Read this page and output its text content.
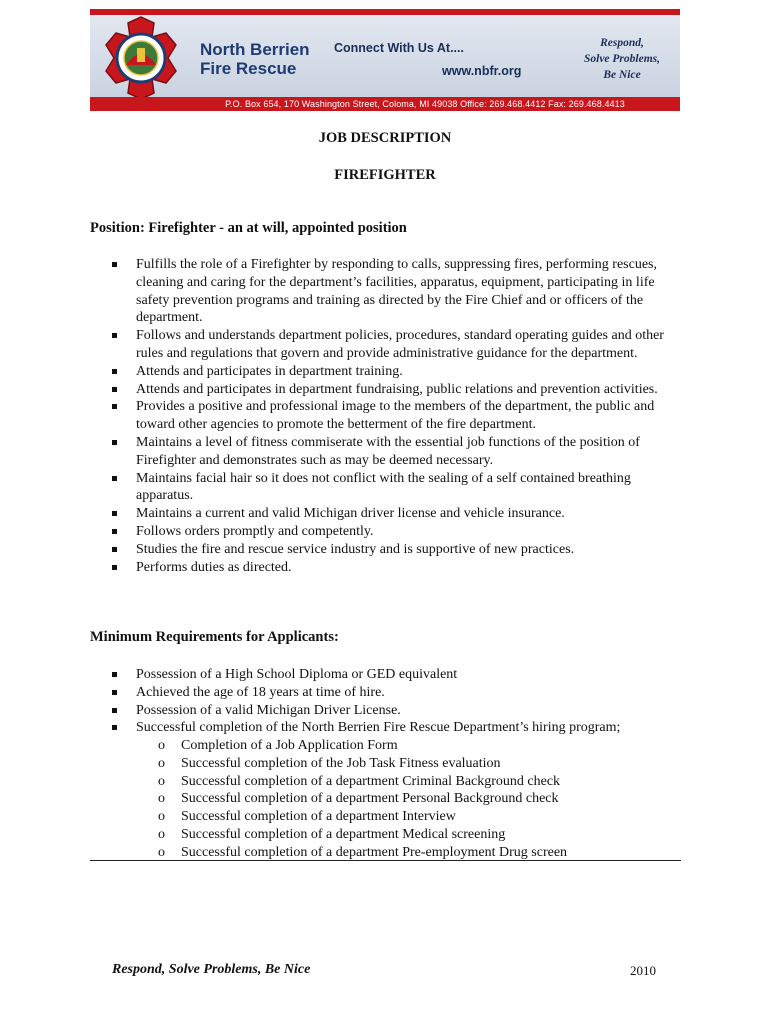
North Berrien
Fire Rescue
Connect With Us At....
www.nbfr.org
Respond,
Solve Problems,
Be Nice
P.O. Box 654, 170 Washington Street, Coloma, MI 49038 Office: 269.468.4412 Fax: 269.468.4413
JOB DESCRIPTION
FIREFIGHTER
Position: Firefighter - an at will, appointed position
Fulfills the role of a Firefighter by responding to calls, suppressing fires, performing rescues, cleaning and caring for the department’s facilities, apparatus, equipment, participating in life safety prevention programs and training as directed by the Fire Chief and or officers of the department.
Follows and understands department policies, procedures, standard operating guides and other rules and regulations that govern and provide administrative guidance for the department.
Attends and participates in department training.
Attends and participates in department fundraising, public relations and prevention activities.
Provides a positive and professional image to the members of the department, the public and toward other agencies to promote the betterment of the fire department.
Maintains a level of fitness commiserate with the essential job functions of the position of Firefighter and demonstrates such as may be deemed necessary.
Maintains facial hair so it does not conflict with the sealing of a self contained breathing apparatus.
Maintains a current and valid Michigan driver license and vehicle insurance.
Follows orders promptly and competently.
Studies the fire and rescue service industry and is supportive of new practices.
Performs duties as directed.
Minimum Requirements for Applicants:
Possession of a High School Diploma or GED equivalent
Achieved the age of 18 years at time of hire.
Possession of a valid Michigan Driver License.
Successful completion of the North Berrien Fire Rescue Department’s hiring program;
o Completion of a Job Application Form
o Successful completion of the Job Task Fitness evaluation
o Successful completion of a department Criminal Background check
o Successful completion of a department Personal Background check
o Successful completion of a department Interview
o Successful completion of a department Medical screening
o Successful completion of a department Pre-employment Drug screen
Respond, Solve Problems, Be Nice	2010
